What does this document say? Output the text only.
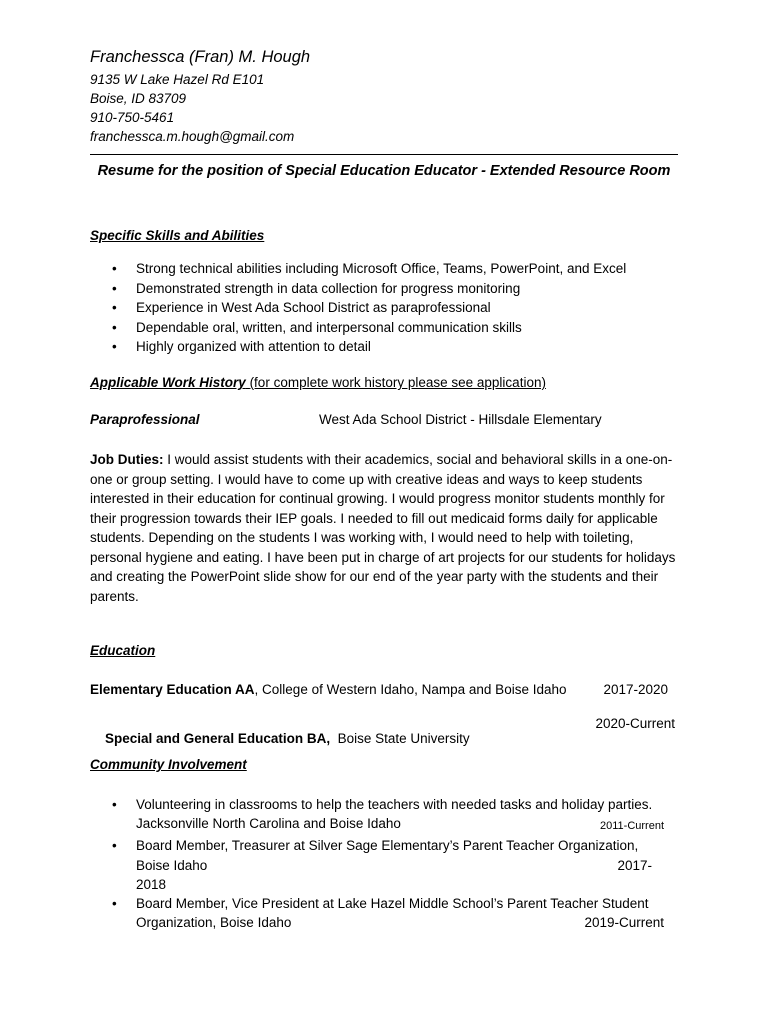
Franchessca (Fran) M. Hough
9135 W Lake Hazel Rd E101
Boise, ID 83709
910-750-5461
franchessca.m.hough@gmail.com
Resume for the position of Special Education Educator - Extended Resource Room
Specific Skills and Abilities
• Strong technical abilities including Microsoft Office, Teams, PowerPoint, and Excel
• Demonstrated strength in data collection for progress monitoring
• Experience in West Ada School District as paraprofessional
• Dependable oral, written, and interpersonal communication skills
• Highly organized with attention to detail
Applicable Work History (for complete work history please see application)
Paraprofessional	West Ada School District - Hillsdale Elementary
Job Duties: I would assist students with their academics, social and behavioral skills in a one-on-one or group setting. I would have to come up with creative ideas and ways to keep students interested in their education for continual growing. I would progress monitor students monthly for their progression towards their IEP goals. I needed to fill out medicaid forms daily for applicable students. Depending on the students I was working with, I would need to help with toileting, personal hygiene and eating. I have been put in charge of art projects for our students for holidays and creating the PowerPoint slide show for our end of the year party with the students and their parents.
Education
Elementary Education AA, College of Western Idaho, Nampa and Boise Idaho	2017-2020

Special and General Education BA,  Boise State University

2020-Current
Community Involvement
• Volunteering in classrooms to help the teachers with needed tasks and holiday parties.
Jacksonville North Carolina and Boise Idaho	2011-Current
• Board Member, Treasurer at Silver Sage Elementary’s Parent Teacher Organization,
Boise Idaho	2017-
2018
• Board Member, Vice President at Lake Hazel Middle School’s Parent Teacher Student
Organization, Boise Idaho	2019-Current
